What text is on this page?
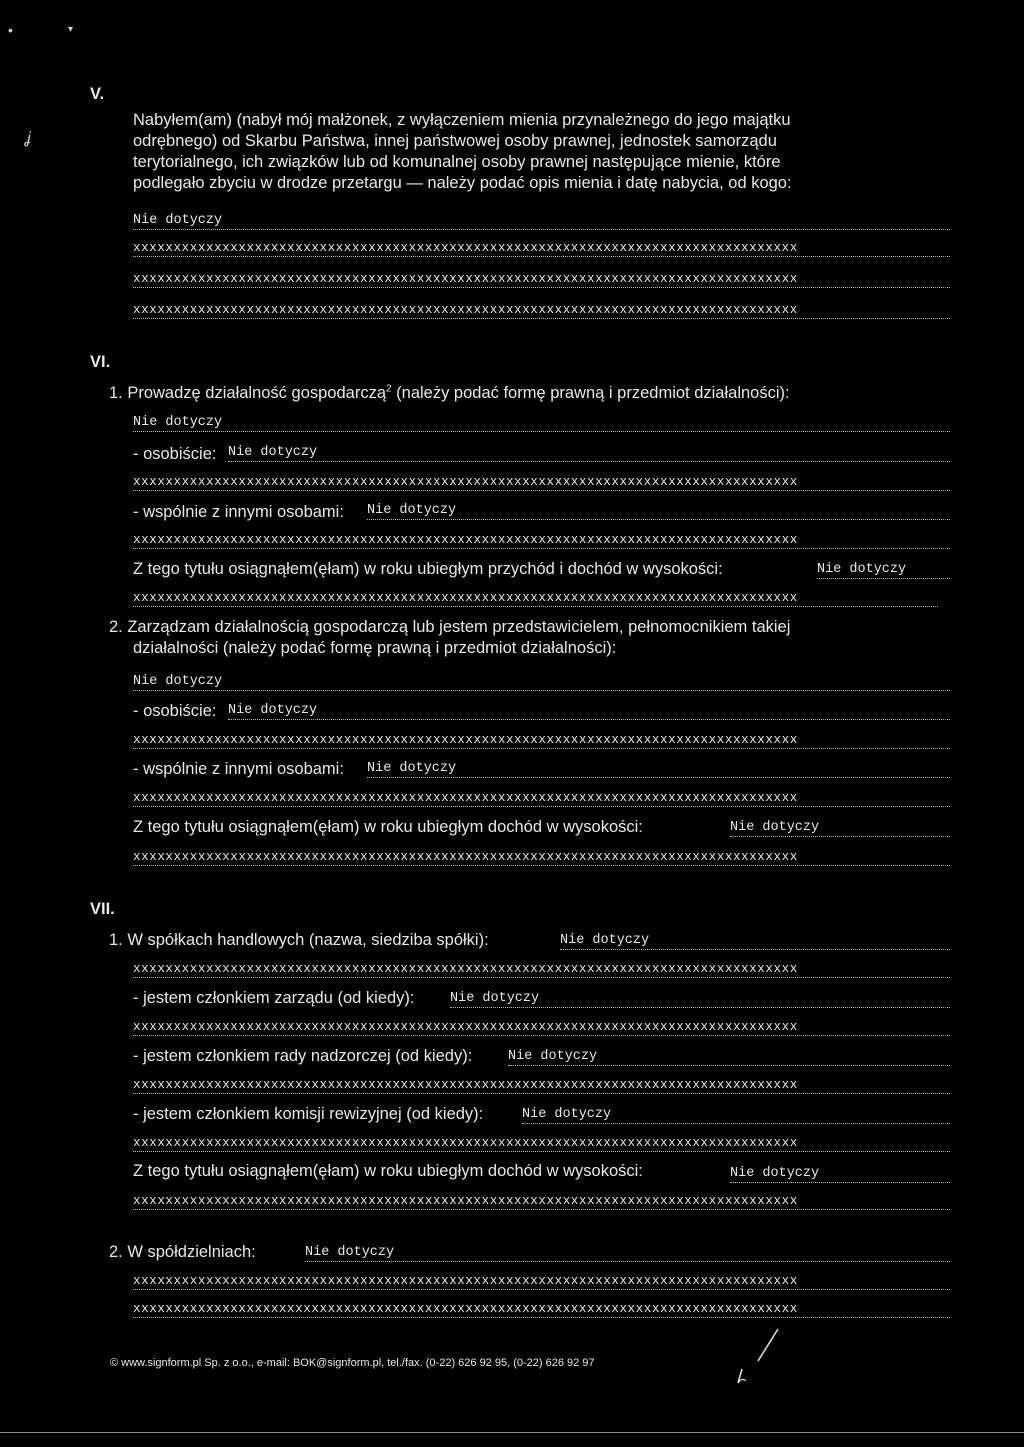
•	▾
ʝ
V.
Nabyłem(am) (nabył mój małżonek, z wyłączeniem mienia przynależnego do jego majątku
odrębnego) od Skarbu Państwa, innej państwowej osoby prawnej, jednostek samorządu
terytorialnego, ich związków lub od komunalnej osoby prawnej następujące mienie, które
podlegało zbyciu w drodze przetargu — należy podać opis mienia i datę nabycia, od kogo:
Nie dotyczy
xxxxxxxxxxxxxxxxxxxxxxxxxxxxxxxxxxxxxxxxxxxxxxxxxxxxxxxxxxxxxxxxxxxxxxxxxxxxxxxxxx
xxxxxxxxxxxxxxxxxxxxxxxxxxxxxxxxxxxxxxxxxxxxxxxxxxxxxxxxxxxxxxxxxxxxxxxxxxxxxxxxxx
xxxxxxxxxxxxxxxxxxxxxxxxxxxxxxxxxxxxxxxxxxxxxxxxxxxxxxxxxxxxxxxxxxxxxxxxxxxxxxxxxx
VI.
1. Prowadzę działalność gospodarczą$^2$ (należy podać formę prawną i przedmiot działalności):
Nie dotyczy
- osobiście: Nie dotyczy
xxxxxxxxxxxxxxxxxxxxxxxxxxxxxxxxxxxxxxxxxxxxxxxxxxxxxxxxxxxxxxxxxxxxxxxxxxxxxxxxxx
- wspólnie z innymi osobami: Nie dotyczy
xxxxxxxxxxxxxxxxxxxxxxxxxxxxxxxxxxxxxxxxxxxxxxxxxxxxxxxxxxxxxxxxxxxxxxxxxxxxxxxxxx
Z tego tytułu osiągnąłem(ęłam) w roku ubiegłym przychód i dochód w wysokości:	Nie dotyczy
xxxxxxxxxxxxxxxxxxxxxxxxxxxxxxxxxxxxxxxxxxxxxxxxxxxxxxxxxxxxxxxxxxxxxxxxxxxxxxxxxx
2. Zarządzam działalnością gospodarczą lub jestem przedstawicielem, pełnomocnikiem takiej
działalności (należy podać formę prawną i przedmiot działalności):
Nie dotyczy
- osobiście: Nie dotyczy
xxxxxxxxxxxxxxxxxxxxxxxxxxxxxxxxxxxxxxxxxxxxxxxxxxxxxxxxxxxxxxxxxxxxxxxxxxxxxxxxxx
- wspólnie z innymi osobami: Nie dotyczy
xxxxxxxxxxxxxxxxxxxxxxxxxxxxxxxxxxxxxxxxxxxxxxxxxxxxxxxxxxxxxxxxxxxxxxxxxxxxxxxxxx
Z tego tytułu osiągnąłem(ęłam) w roku ubiegłym dochód w wysokości:	Nie dotyczy
xxxxxxxxxxxxxxxxxxxxxxxxxxxxxxxxxxxxxxxxxxxxxxxxxxxxxxxxxxxxxxxxxxxxxxxxxxxxxxxxxx
VII.
1. W spółkach handlowych (nazwa, siedziba spółki):	Nie dotyczy
xxxxxxxxxxxxxxxxxxxxxxxxxxxxxxxxxxxxxxxxxxxxxxxxxxxxxxxxxxxxxxxxxxxxxxxxxxxxxxxxxx
- jestem członkiem zarządu (od kiedy):	Nie dotyczy
xxxxxxxxxxxxxxxxxxxxxxxxxxxxxxxxxxxxxxxxxxxxxxxxxxxxxxxxxxxxxxxxxxxxxxxxxxxxxxxxxx
- jestem członkiem rady nadzorczej (od kiedy):	Nie dotyczy
xxxxxxxxxxxxxxxxxxxxxxxxxxxxxxxxxxxxxxxxxxxxxxxxxxxxxxxxxxxxxxxxxxxxxxxxxxxxxxxxxx
- jestem członkiem komisji rewizyjnej (od kiedy):	Nie dotyczy
xxxxxxxxxxxxxxxxxxxxxxxxxxxxxxxxxxxxxxxxxxxxxxxxxxxxxxxxxxxxxxxxxxxxxxxxxxxxxxxxxx
Z tego tytułu osiągnąłem(ęłam) w roku ubiegłym dochód w wysokości:	Nie dotyczy
xxxxxxxxxxxxxxxxxxxxxxxxxxxxxxxxxxxxxxxxxxxxxxxxxxxxxxxxxxxxxxxxxxxxxxxxxxxxxxxxxx
2. W spółdzielniach:	Nie dotyczy
xxxxxxxxxxxxxxxxxxxxxxxxxxxxxxxxxxxxxxxxxxxxxxxxxxxxxxxxxxxxxxxxxxxxxxxxxxxxxxxxxx
xxxxxxxxxxxxxxxxxxxxxxxxxxxxxxxxxxxxxxxxxxxxxxxxxxxxxxxxxxxxxxxxxxxxxxxxxxxxxxxxxx
© www.signform.pl Sp. z o.o., e-mail: BOK@signform.pl, tel./fax. (0-22) 626 92 95, (0-22) 626 92 97
